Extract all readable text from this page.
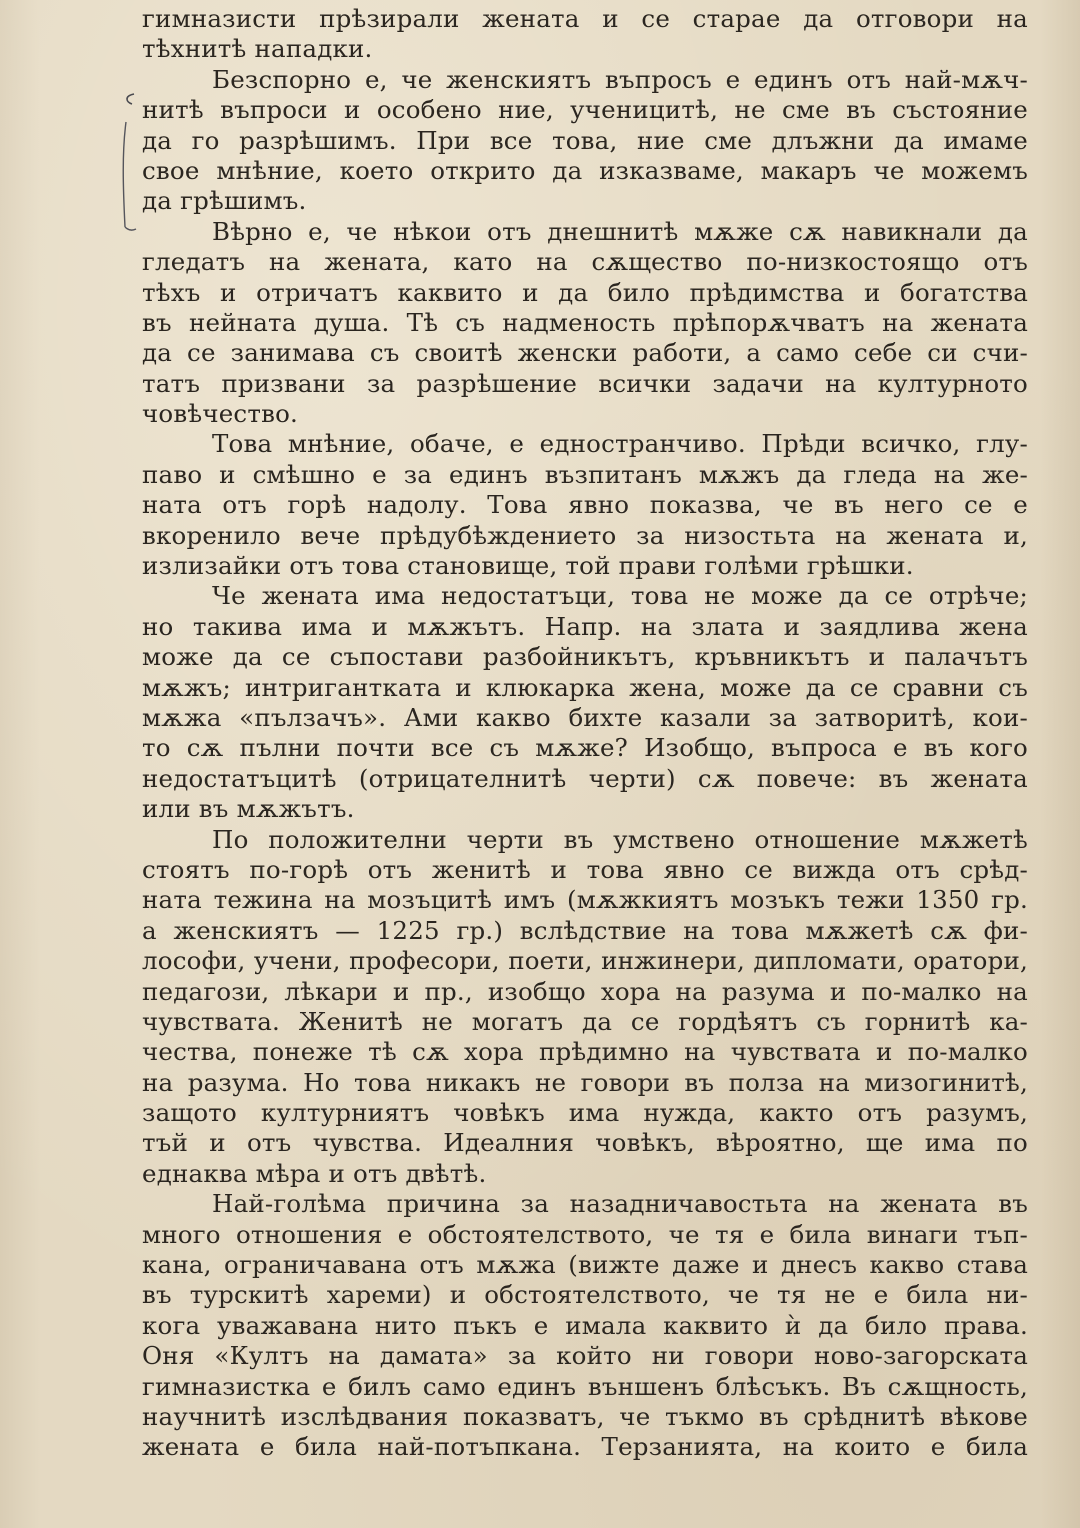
гимназисти прѣзирали жената и се старае да отговори на
тѣхнитѣ нападки.
Безспорно е, че женскиятъ въпросъ е единъ отъ най-мѫч-
нитѣ въпроси и особено ние, ученицитѣ, не сме въ състояние
да го разрѣшимъ. При все това, ние сме длъжни да имаме
свое мнѣние, което открито да изказваме, макаръ че можемъ
да грѣшимъ.
Вѣрно е, че нѣкои отъ днешнитѣ мѫже сѫ навикнали да
гледатъ на жената, като на сѫщество по-низкостоящо отъ
тѣхъ и отричатъ каквито и да било прѣдимства и богатства
въ нейната душа. Тѣ съ надменость прѣпорѫчватъ на жената
да се занимава съ своитѣ женски работи, а само себе си счи-
татъ призвани за разрѣшение всички задачи на културното
човѣчество.
Това мнѣние, обаче, е едностранчиво. Прѣди всичко, глу-
паво и смѣшно е за единъ възпитанъ мѫжъ да гледа на же-
ната отъ горѣ надолу. Това явно показва, че въ него се е
вкоренило вече прѣдубѣждението за низостьта на жената и,
излизайки отъ това становище, той прави голѣми грѣшки.
Че жената има недостатъци, това не може да се отрѣче;
но такива има и мѫжътъ. Напр. на злата и заядлива жена
може да се съпостави разбойникътъ, кръвникътъ и палачътъ
мѫжъ; интригантката и клюкарка жена, може да се сравни съ
мѫжа «пълзачъ». Ами какво бихте казали за затворитѣ, кои-
то сѫ пълни почти все съ мѫже? Изобщо, въпроса е въ кого
недостатъцитѣ (отрицателнитѣ черти) сѫ повече: въ жената
или въ мѫжътъ.
По положителни черти въ умствено отношение мѫжетѣ
стоятъ по-горѣ отъ женитѣ и това явно се вижда отъ срѣд-
ната тежина на мозъцитѣ имъ (мѫжкиятъ мозъкъ тежи 1350 гр.
а женскиятъ — 1225 гр.) вслѣдствие на това мѫжетѣ сѫ фи-
лософи, учени, професори, поети, инжинери, дипломати, оратори,
педагози, лѣкари и пр., изобщо хора на разума и по-малко на
чувствата. Женитѣ не могатъ да се гордѣятъ съ горнитѣ ка-
чества, понеже тѣ сѫ хора прѣдимно на чувствата и по-малко
на разума. Но това никакъ не говори въ полза на мизогинитѣ,
защото културниятъ човѣкъ има нужда, както отъ разумъ,
тъй и отъ чувства. Идеалния човѣкъ, вѣроятно, ще има по
еднаква мѣра и отъ двѣтѣ.
Най-голѣма причина за назадничавостьта на жената въ
много отношения е обстоятелството, че тя е била винаги тъп-
кана, ограничавана отъ мѫжа (вижте даже и днесъ какво става
въ турскитѣ хареми) и обстоятелството, че тя не е била ни-
кога уважавана нито пъкъ е имала каквито ѝ да било права.
Оня «Култъ на дамата» за който ни говори ново-загорската
гимназистка е билъ само единъ външенъ блѣсъкъ. Въ сѫщность,
научнитѣ изслѣдвания показватъ, че тъкмо въ срѣднитѣ вѣкове
жената е била най-потъпкана. Терзанията, на които е била
